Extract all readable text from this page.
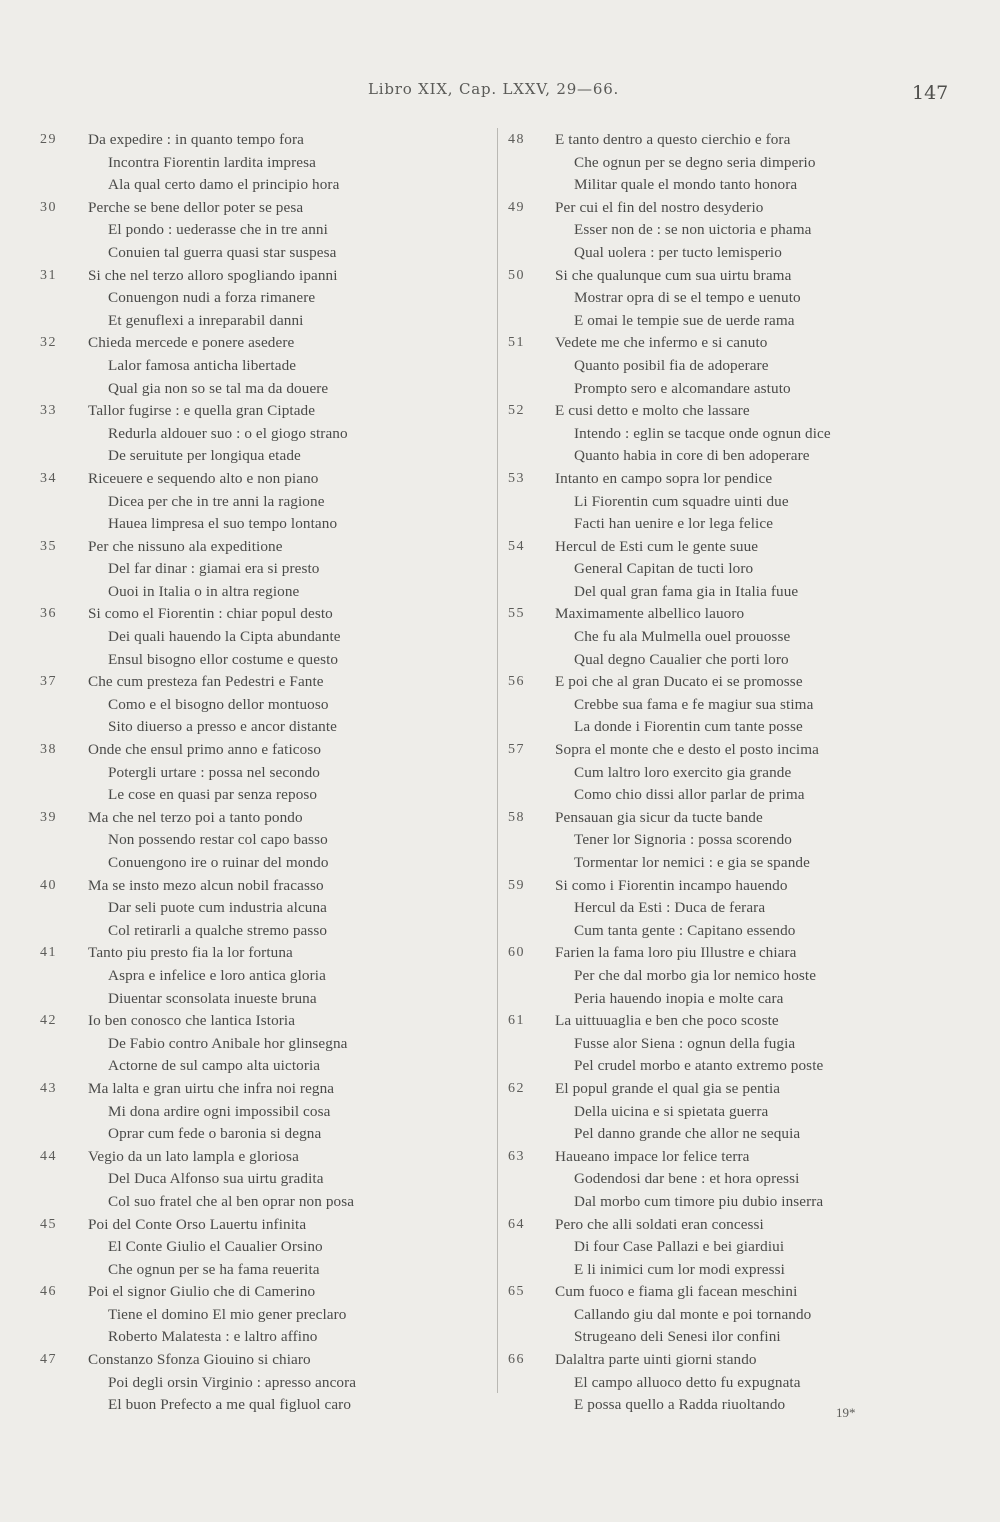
Libro XIX, Cap. LXXV, 29—66.	147
29	Da expedire : in quanto tempo fora
Incontra Fiorentin lardita impresa
Ala qual certo damo el principio hora
30	Perche se bene dellor poter se pesa
El pondo : uederasse che in tre anni
Conuien tal guerra quasi star suspesa
31	Si che nel terzo alloro spogliando ipanni
Conuengon nudi a forza rimanere
Et genuflexi a inreparabil danni
32	Chieda mercede e ponere asedere
Lalor famosa anticha libertade
Qual gia non so se tal ma da douere
33	Tallor fugirse : e quella gran Ciptade
Redurla aldouer suo : o el giogo strano
De seruitute per longiqua etade
34	Riceuere e sequendo alto e non piano
Dicea per che in tre anni la ragione
Hauea limpresa el suo tempo lontano
35	Per che nissuno ala expeditione
Del far dinar : giamai era si presto
Ouoi in Italia o in altra regione
36	Si como el Fiorentin : chiar popul desto
Dei quali hauendo la Cipta abundante
Ensul bisogno ellor costume e questo
37	Che cum presteza fan Pedestri e Fante
Como e el bisogno dellor montuoso
Sito diuerso a presso e ancor distante
38	Onde che ensul primo anno e faticoso
Potergli urtare : possa nel secondo
Le cose en quasi par senza reposo
39	Ma che nel terzo poi a tanto pondo
Non possendo restar col capo basso
Conuengono ire o ruinar del mondo
40	Ma se insto mezo alcun nobil fracasso
Dar seli puote cum industria alcuna
Col retirarli a qualche stremo passo
41	Tanto piu presto fia la lor fortuna
Aspra e infelice e loro antica gloria
Diuentar sconsolata inueste bruna
42	Io ben conosco che lantica Istoria
De Fabio contro Anibale hor glinsegna
Actorne de sul campo alta uictoria
43	Ma lalta e gran uirtu che infra noi regna
Mi dona ardire ogni impossibil cosa
Oprar cum fede o baronia si degna
44	Vegio da un lato lampla e gloriosa
Del Duca Alfonso sua uirtu gradita
Col suo fratel che al ben oprar non posa
45	Poi del Conte Orso Lauertu infinita
El Conte Giulio el Caualier Orsino
Che ognun per se ha fama reuerita
46	Poi el signor Giulio che di Camerino
Tiene el domino El mio gener preclaro
Roberto Malatesta : e laltro affino
47	Constanzo Sfonza Giouino si chiaro
Poi degli orsin Virginio : apresso ancora
El buon Prefecto a me qual figluol caro
48	E tanto dentro a questo cierchio e fora
Che ognun per se degno seria dimperio
Militar quale el mondo tanto honora
49	Per cui el fin del nostro desyderio
Esser non de : se non uictoria e phama
Qual uolera : per tucto lemisperio
50	Si che qualunque cum sua uirtu brama
Mostrar opra di se el tempo e uenuto
E omai le tempie sue de uerde rama
51	Vedete me che infermo e si canuto
Quanto posibil fia de adoperare
Prompto sero e alcomandare astuto
52	E cusi detto e molto che lassare
Intendo : eglin se tacque onde ognun dice
Quanto habia in core di ben adoperare
53	Intanto en campo sopra lor pendice
Li Fiorentin cum squadre uinti due
Facti han uenire e lor lega felice
54	Hercul de Esti cum le gente suue
General Capitan de tucti loro
Del qual gran fama gia in Italia fuue
55	Maximamente albellico lauoro
Che fu ala Mulmella ouel prouosse
Qual degno Caualier che porti loro
56	E poi che al gran Ducato ei se promosse
Crebbe sua fama e fe magiur sua stima
La donde i Fiorentin cum tante posse
57	Sopra el monte che e desto el posto incima
Cum laltro loro exercito gia grande
Como chio dissi allor parlar de prima
58	Pensauan gia sicur da tucte bande
Tener lor Signoria : possa scorendo
Tormentar lor nemici : e gia se spande
59	Si como i Fiorentin incampo hauendo
Hercul da Esti : Duca de ferara
Cum tanta gente : Capitano essendo
60	Farien la fama loro piu Illustre e chiara
Per che dal morbo gia lor nemico hoste
Peria hauendo inopia e molte cara
61	La uittuuaglia e ben che poco scoste
Fusse alor Siena : ognun della fugia
Pel crudel morbo e atanto extremo poste
62	El popul grande el qual gia se pentia
Della uicina e si spietata guerra
Pel danno grande che allor ne sequia
63	Haueano impace lor felice terra
Godendosi dar bene : et hora opressi
Dal morbo cum timore piu dubio inserra
64	Pero che alli soldati eran concessi
Di four Case Pallazi e bei giardiui
E li inimici cum lor modi expressi
65	Cum fuoco e fiama gli facean meschini
Callando giu dal monte e poi tornando
Strugeano deli Senesi ilor confini
66	Dalaltra parte uinti giorni stando
El campo alluoco detto fu expugnata
E possa quello a Radda riuoltando	19*
